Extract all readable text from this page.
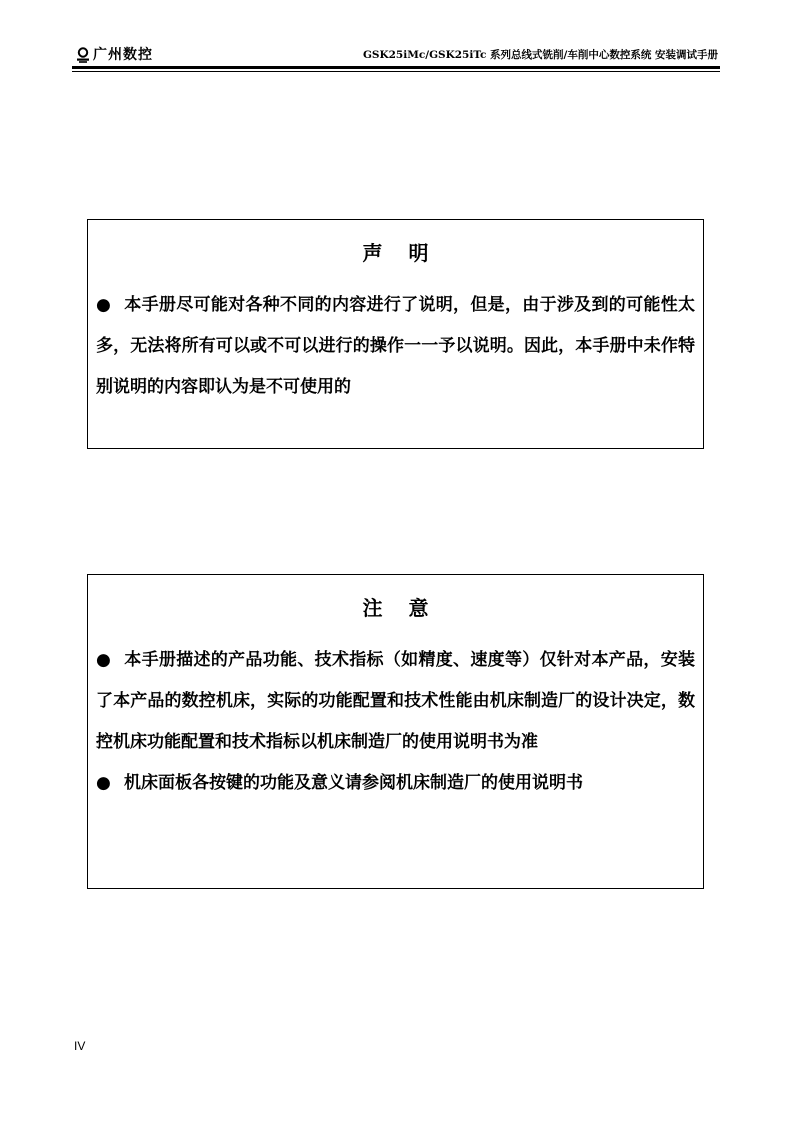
广州数控	GSK25iMc/GSK25iTc 系列总线式铣削/车削中心数控系统 安装调试手册
声明

● 本手册尽可能对各种不同的内容进行了说明，但是，由于涉及到的可能性太多，无法将所有可以或不可以进行的操作一一予以说明。因此，本手册中未作特别说明的内容即认为是不可使用的

注意

● 本手册描述的产品功能、技术指标（如精度、速度等）仅针对本产品，安装了本产品的数控机床，实际的功能配置和技术性能由机床制造厂的设计决定，数控机床功能配置和技术指标以机床制造厂的使用说明书为准

● 机床面板各按键的功能及意义请参阅机床制造厂的使用说明书

IV
